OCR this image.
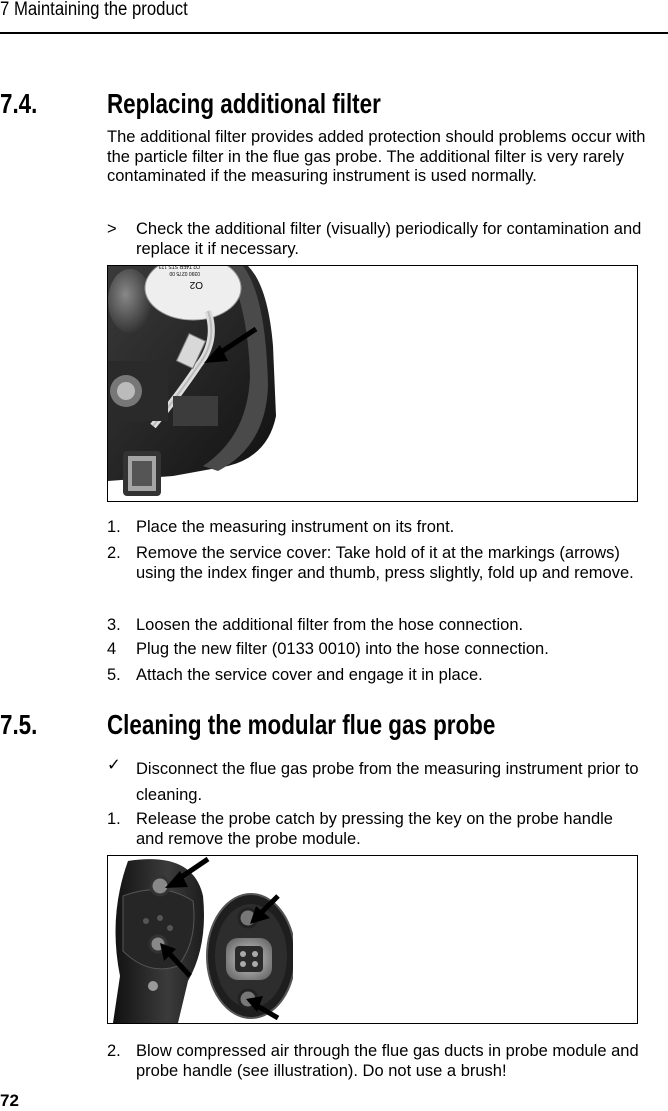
7 Maintaining the product
7.4. Replacing additional filter
The additional filter provides added protection should problems occur with the particle filter in the flue gas probe. The additional filter is very rarely contaminated if the measuring instrument is used normally.
> Check the additional filter (visually) periodically for contamination and replace it if necessary.
O2
0390 0275 00
O2 T4FR STS 123
1. Place the measuring instrument on its front.
2. Remove the service cover: Take hold of it at the markings (arrows) using the index finger and thumb, press slightly, fold up and remove.
3. Loosen the additional filter from the hose connection.
4 Plug the new filter (0133 0010) into the hose connection.
5. Attach the service cover and engage it in place.
7.5. Cleaning the modular flue gas probe
✓ Disconnect the flue gas probe from the measuring instrument prior to cleaning.
1. Release the probe catch by pressing the key on the probe handle and remove the probe module.
2. Blow compressed air through the flue gas ducts in probe module and probe handle (see illustration). Do not use a brush!
72
